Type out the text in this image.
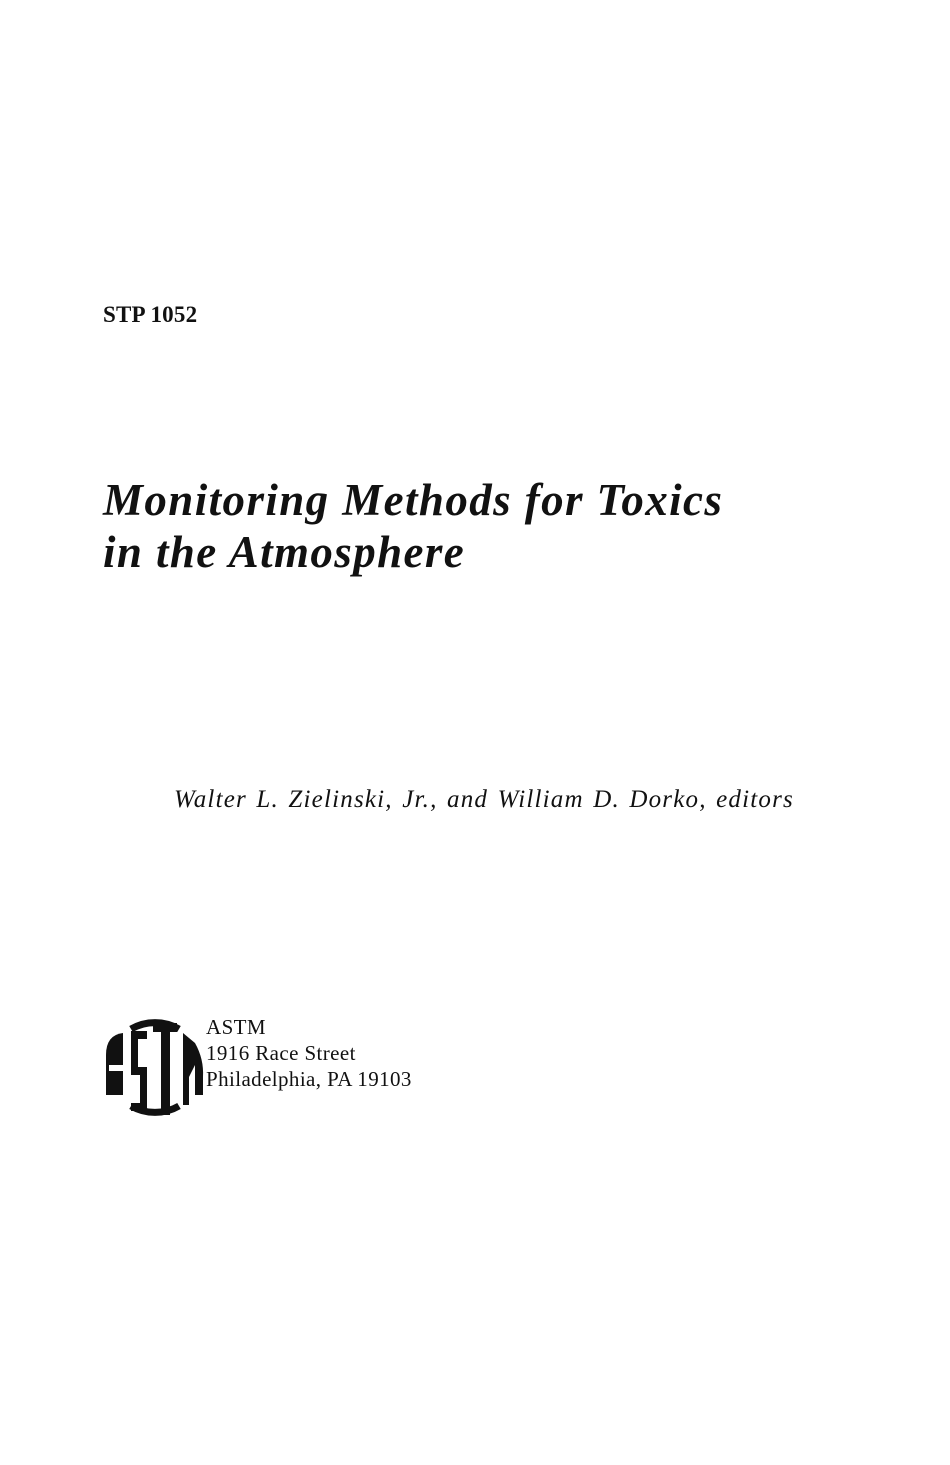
STP 1052
Monitoring Methods for Toxics
in the Atmosphere
Walter L. Zielinski, Jr., and William D. Dorko, editors
ASTM
1916 Race Street
Philadelphia, PA 19103
